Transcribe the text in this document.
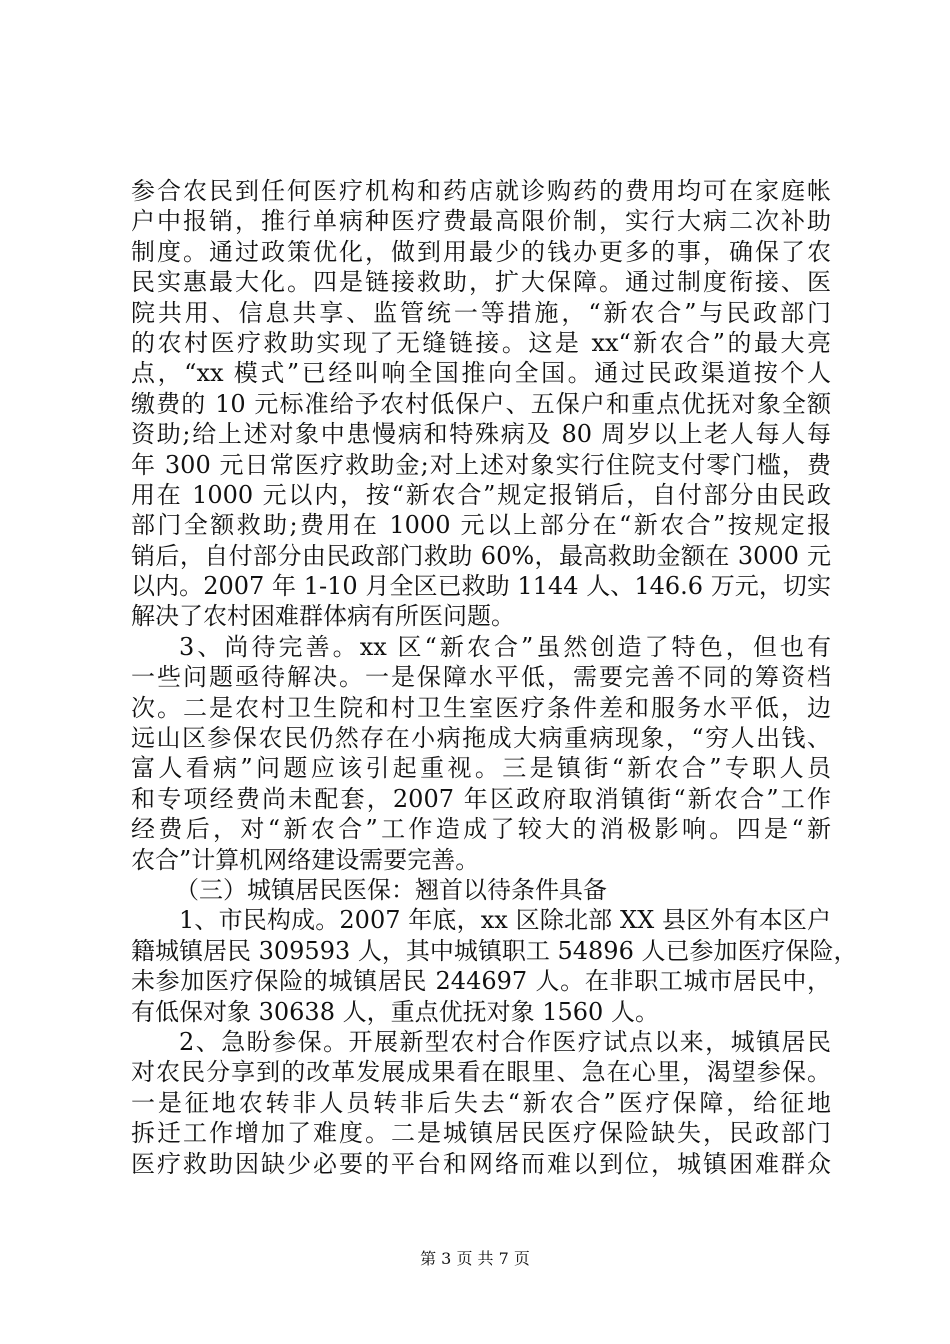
参合农民到任何医疗机构和药店就诊购药的费用均可在家庭帐
户中报销，推行单病种医疗费最高限价制，实行大病二次补助
制度。通过政策优化，做到用最少的钱办更多的事，确保了农
民实惠最大化。四是链接救助，扩大保障。通过制度衔接、医
院共用、信息共享、监管统一等措施，“新农合”与民政部门
的农村医疗救助实现了无缝链接。这是 xx“新农合”的最大亮
点，“xx 模式”已经叫响全国推向全国。通过民政渠道按个人
缴费的 10 元标准给予农村低保户、五保户和重点优抚对象全额
资助;给上述对象中患慢病和特殊病及 80 周岁以上老人每人每
年 300 元日常医疗救助金;对上述对象实行住院支付零门槛，费
用在 1000 元以内，按“新农合”规定报销后，自付部分由民政
部门全额救助;费用在 1000 元以上部分在“新农合”按规定报
销后，自付部分由民政部门救助 60%，最高救助金额在 3000 元
以内。2007 年 1-10 月全区已救助 1144 人、146.6 万元，切实
解决了农村困难群体病有所医问题。
3、尚待完善。xx 区“新农合”虽然创造了特色，但也有
一些问题亟待解决。一是保障水平低，需要完善不同的筹资档
次。二是农村卫生院和村卫生室医疗条件差和服务水平低，边
远山区参保农民仍然存在小病拖成大病重病现象，“穷人出钱、
富人看病”问题应该引起重视。三是镇街“新农合”专职人员
和专项经费尚未配套，2007 年区政府取消镇街“新农合”工作
经费后，对“新农合”工作造成了较大的消极影响。四是“新
农合”计算机网络建设需要完善。
（三）城镇居民医保：翘首以待条件具备
1、市民构成。2007 年底，xx 区除北部 XX 县区外有本区户
籍城镇居民 309593 人，其中城镇职工 54896 人已参加医疗保险，
未参加医疗保险的城镇居民 244697 人。在非职工城市居民中，
有低保对象 30638 人，重点优抚对象 1560 人。
2、急盼参保。开展新型农村合作医疗试点以来，城镇居民
对农民分享到的改革发展成果看在眼里、急在心里，渴望参保。
一是征地农转非人员转非后失去“新农合”医疗保障，给征地
拆迁工作增加了难度。二是城镇居民医疗保险缺失，民政部门
医疗救助因缺少必要的平台和网络而难以到位，城镇困难群众
第 3 页 共 7 页
